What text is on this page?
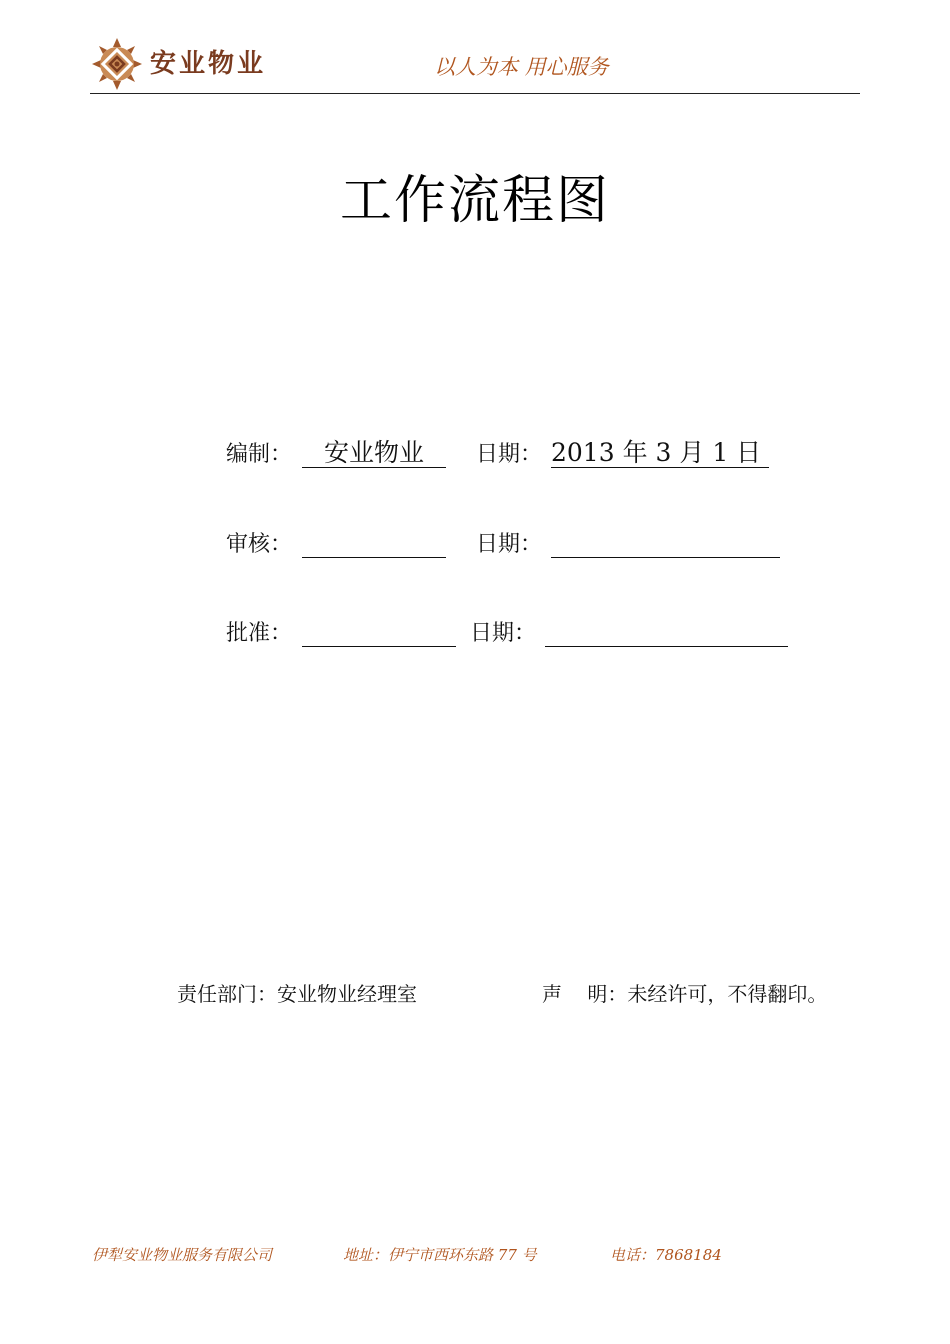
安业物业	以人为本 用心服务
工作流程图
编制：	安业物业	日期： 2013 年 3 月 1 日
审核：	日期：
批准：	日期：
责任部门：安业物业经理室	声    明：未经许可，不得翻印。
伊犁安业物业服务有限公司	地址：伊宁市西环东路 77 号	电话：7868184
